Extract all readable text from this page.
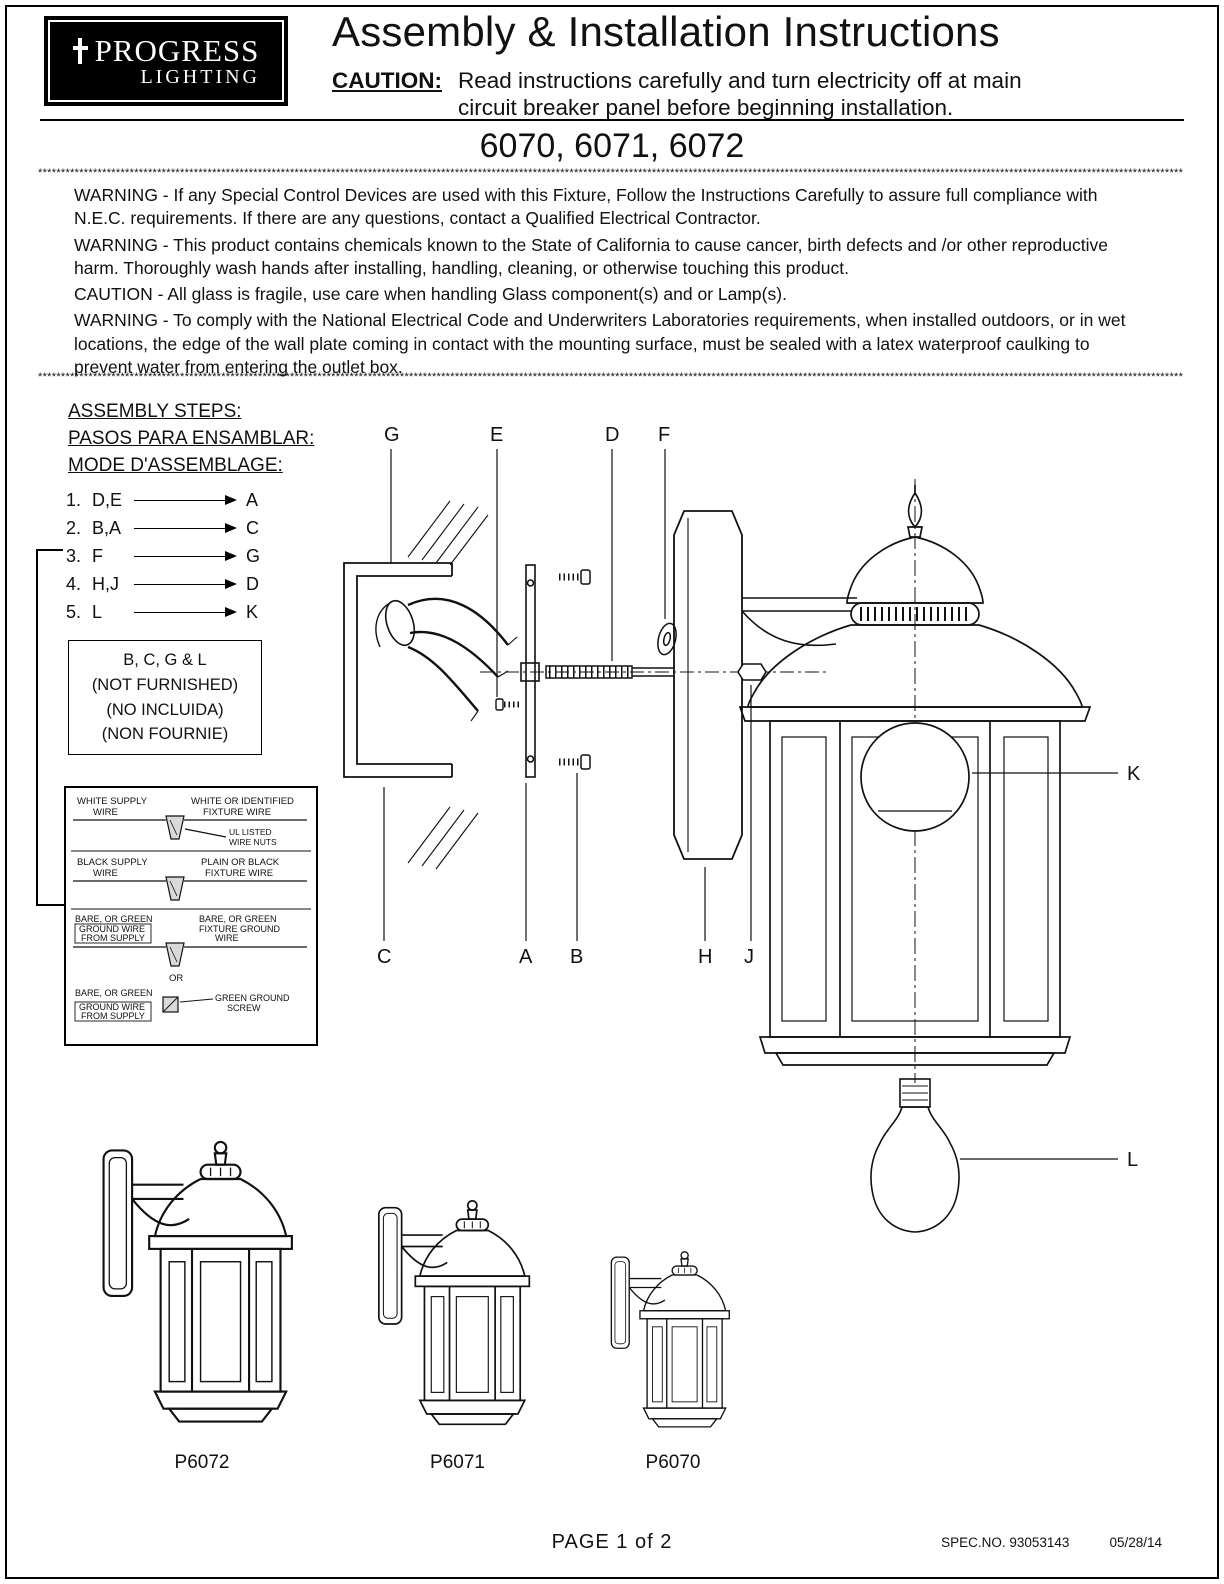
PROGRESS
LIGHTING
Assembly & Installation Instructions
CAUTION: Read instructions carefully and turn electricity off at main
circuit breaker panel before beginning installation.
6070, 6071, 6072
**********************************************************************************************************************************************************************************************************************************************************

WARNING - If any Special Control Devices are used with this Fixture, Follow the Instructions Carefully to assure full compliance with N.E.C. requirements. If there are any questions, contact a Qualified Electrical Contractor.

WARNING - This product contains chemicals known to the State of California to cause cancer, birth defects and /or other reproductive harm. Thoroughly wash hands after installing, handling, cleaning, or otherwise touching this product.

CAUTION - All glass is fragile, use care when handling Glass component(s) and or Lamp(s).

WARNING - To comply with the National Electrical Code and Underwriters Laboratories requirements, when installed outdoors, or in wet locations, the edge of the wall plate coming in contact with the mounting surface, must be sealed with a latex waterproof caulking to prevent water from entering the outlet box.

**********************************************************************************************************************************************************************************************************************************************************
ASSEMBLY STEPS:
PASOS PARA ENSAMBLAR:
MODE D'ASSEMBLAGE:
1. D,E	A
2. B,A	C
3. F	G
4. H,J	D
5. L	K
B, C, G & L
(NOT FURNISHED)
(NO INCLUIDA)
(NON FOURNIE)
WHITE SUPPLY
WIRE
WHITE OR IDENTIFIED
FIXTURE WIRE
UL LISTED
WIRE NUTS
BLACK SUPPLY
WIRE
PLAIN OR BLACK
FIXTURE WIRE
BARE, OR GREEN
GROUND WIRE
FROM SUPPLY
BARE, OR GREEN
FIXTURE GROUND
WIRE
OR
BARE, OR GREEN
GROUND WIRE
FROM SUPPLY
GREEN GROUND
SCREW
G	E	D F
C	A B	H J
K
L
P6072	P6071	P6070
PAGE 1 of 2	SPEC.NO. 93053143	05/28/14
